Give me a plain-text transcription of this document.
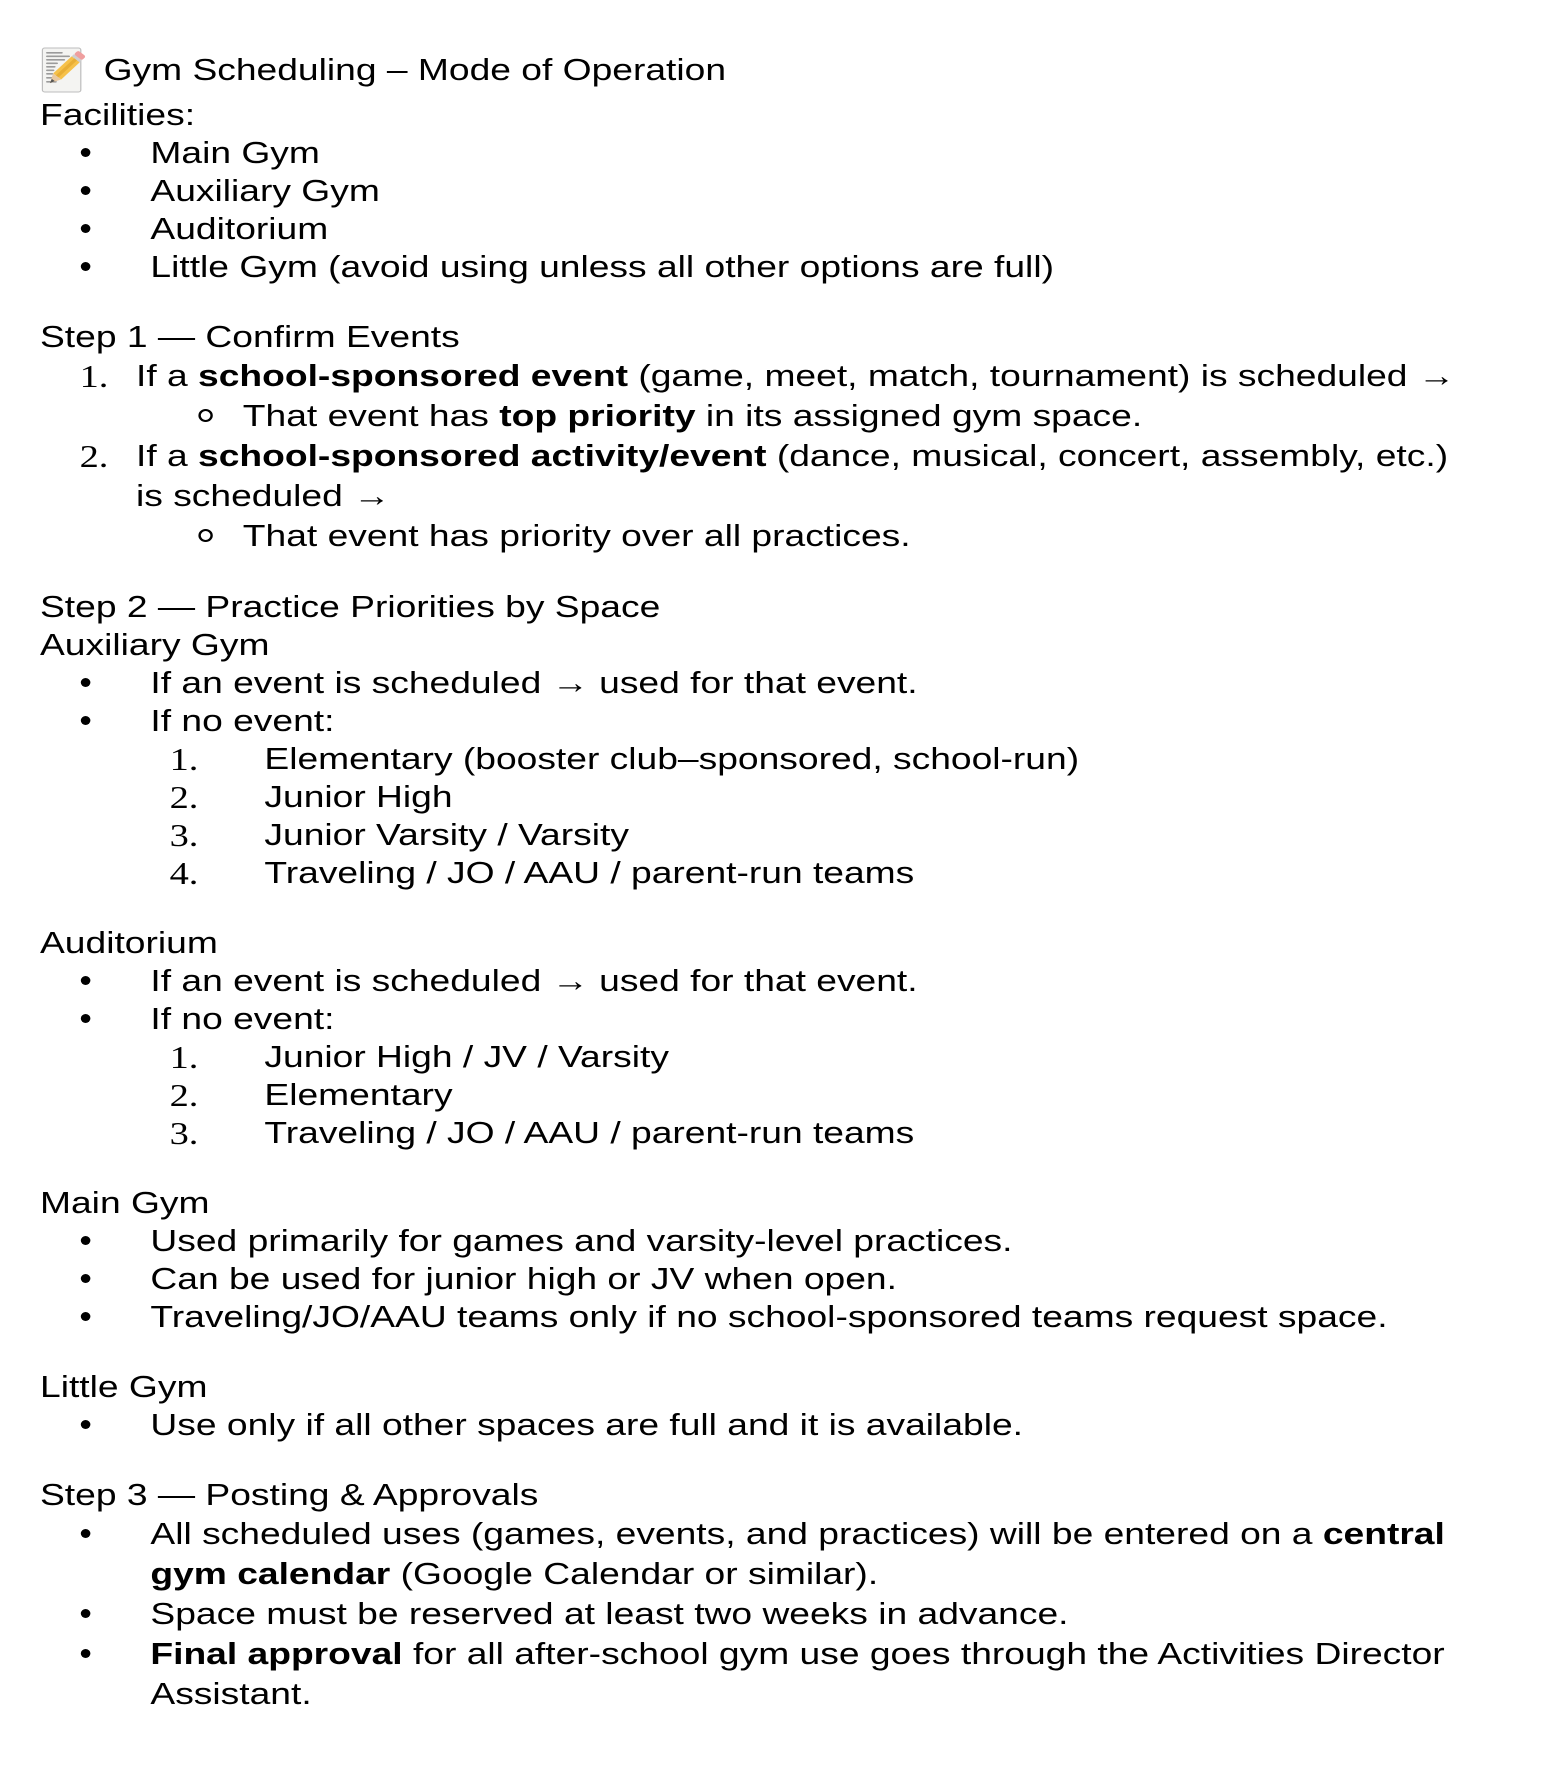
Gym Scheduling – Mode of Operation
Facilities:
Main Gym
Auxiliary Gym
Auditorium
Little Gym (avoid using unless all other options are full)
Step 1 — Confirm Events
1. If a school-sponsored event (game, meet, match, tournament) is scheduled →
That event has top priority in its assigned gym space.
2. If a school-sponsored activity/event (dance, musical, concert, assembly, etc.) is scheduled →
That event has priority over all practices.
Step 2 — Practice Priorities by Space
Auxiliary Gym
If an event is scheduled → used for that event.
If no event:
1. Elementary (booster club–sponsored, school-run)
2. Junior High
3. Junior Varsity / Varsity
4. Traveling / JO / AAU / parent-run teams
Auditorium
If an event is scheduled → used for that event.
If no event:
1. Junior High / JV / Varsity
2. Elementary
3. Traveling / JO / AAU / parent-run teams
Main Gym
Used primarily for games and varsity-level practices.
Can be used for junior high or JV when open.
Traveling/JO/AAU teams only if no school-sponsored teams request space.
Little Gym
Use only if all other spaces are full and it is available.
Step 3 — Posting & Approvals
All scheduled uses (games, events, and practices) will be entered on a central gym calendar (Google Calendar or similar).
Space must be reserved at least two weeks in advance.
Final approval for all after-school gym use goes through the Activities Director Assistant.
